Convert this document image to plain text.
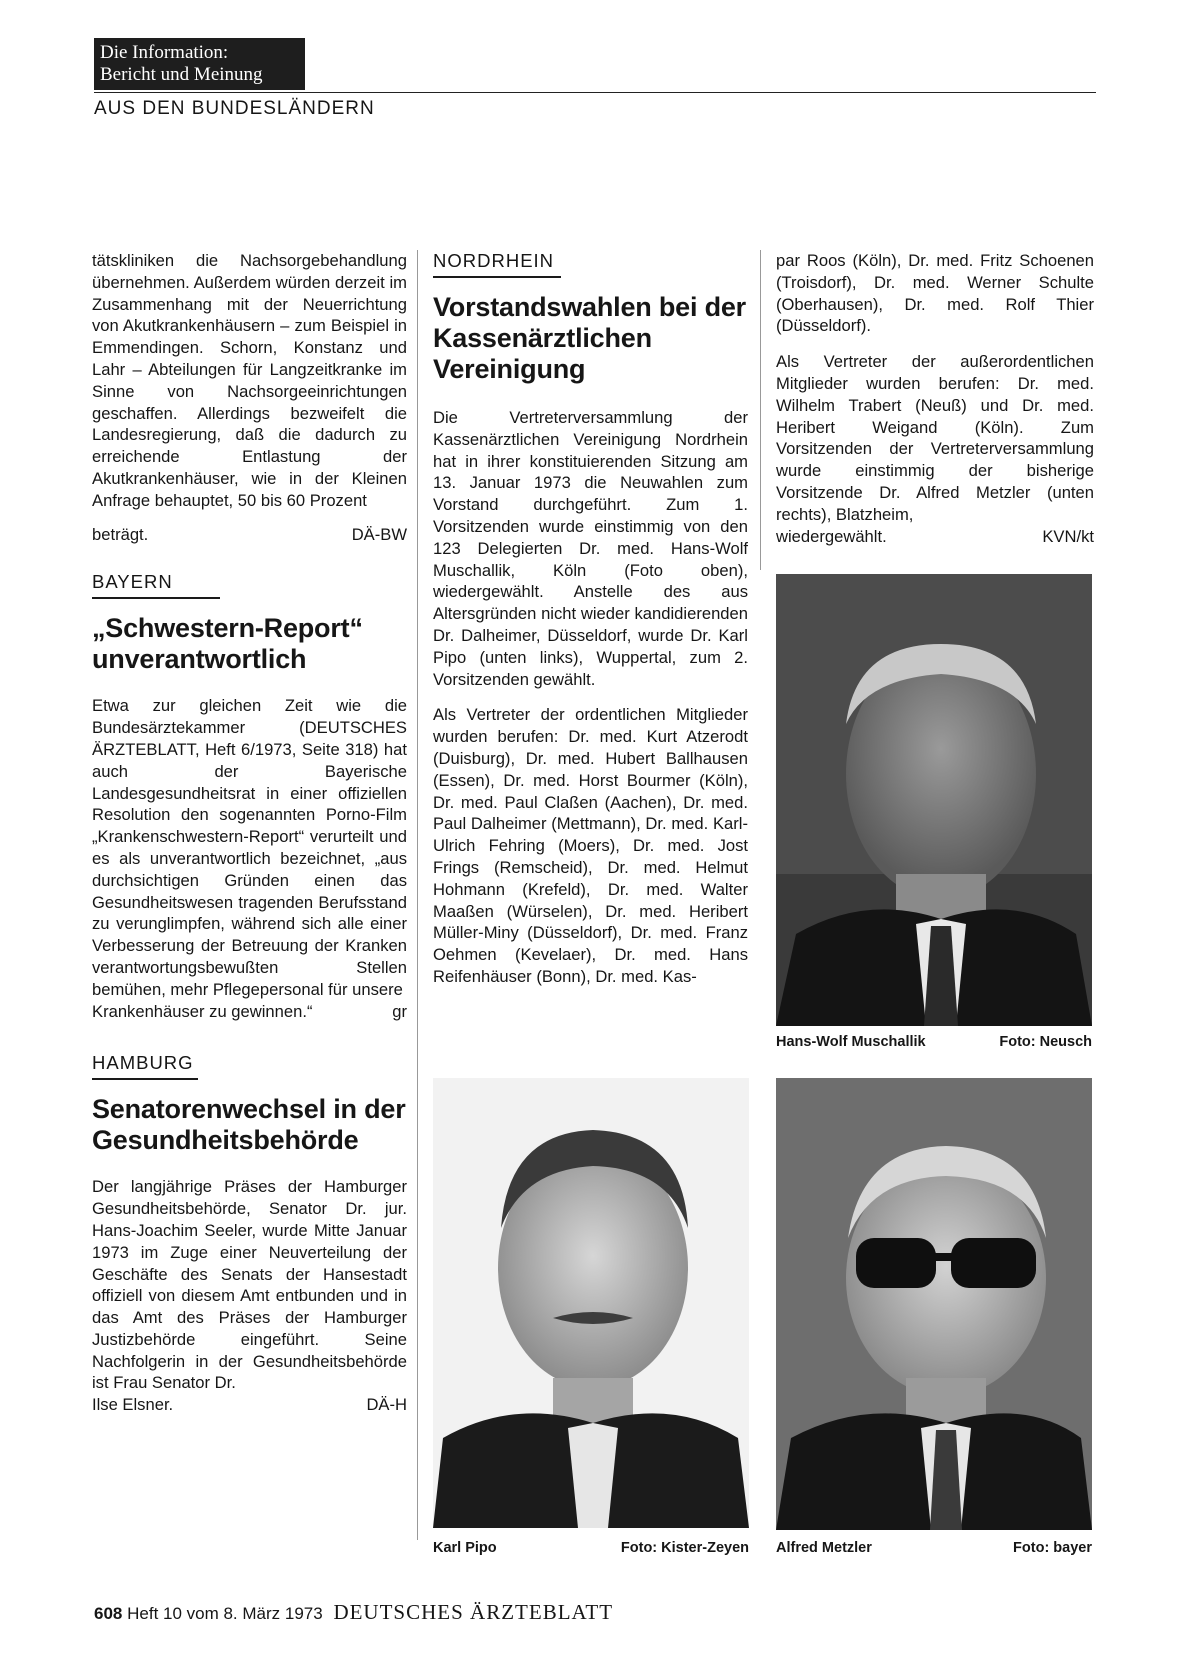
Die Information:
Bericht und Meinung
AUS DEN BUNDESLÄNDERN

tätskliniken die Nachsorgebehandlung übernehmen. Außerdem würden derzeit im Zusammenhang mit der Neuerrichtung von Akutkrankenhäusern – zum Beispiel in Emmendingen. Schorn, Konstanz und Lahr – Abteilungen für Langzeitkranke im Sinne von Nachsorgeeinrichtungen geschaffen. Allerdings bezweifelt die Landesregierung, daß die dadurch zu erreichende Entlastung der Akutkrankenhäuser, wie in der Kleinen Anfrage behauptet, 50 bis 60 Prozent

beträgt.	DÄ-BW
BAYERN
„Schwestern-Report“ unverantwortlich

Etwa zur gleichen Zeit wie die Bundesärztekammer (DEUTSCHES ÄRZTEBLATT, Heft 6/1973, Seite 318) hat auch der Bayerische Landesgesundheitsrat in einer offiziellen Resolution den sogenannten Porno-Film „Krankenschwestern-Report“ verurteilt und es als unverantwortlich bezeichnet, „aus durchsichtigen Gründen einen das Gesundheitswesen tragenden Berufsstand zu verunglimpfen, während sich alle einer Verbesserung der Betreuung der Kranken verantwortungsbewußten Stellen bemühen, mehr Pflegepersonal für unsere

Krankenhäuser zu gewinnen.“	gr
HAMBURG
Senatorenwechsel in der Gesundheitsbehörde

Der langjährige Präses der Hamburger Gesundheitsbehörde, Senator Dr. jur. Hans-Joachim Seeler, wurde Mitte Januar 1973 im Zuge einer Neuverteilung der Geschäfte des Senats der Hansestadt offiziell von diesem Amt entbunden und in das Amt des Präses der Hamburger Justizbehörde eingeführt. Seine Nachfolgerin in der Gesundheitsbehörde ist Frau Senator Dr.

Ilse Elsner.	DÄ-H
NORDRHEIN
Vorstandswahlen bei der Kassenärztlichen Vereinigung

Die Vertreterversammlung der Kassenärztlichen Vereinigung Nordrhein hat in ihrer konstituierenden Sitzung am 13. Januar 1973 die Neuwahlen zum Vorstand durchgeführt. Zum 1. Vorsitzenden wurde einstimmig von den 123 Delegierten Dr. med. Hans-Wolf Muschallik, Köln (Foto oben), wiedergewählt. Anstelle des aus Altersgründen nicht wieder kandidierenden Dr. Dalheimer, Düsseldorf, wurde Dr. Karl Pipo (unten links), Wuppertal, zum 2. Vorsitzenden gewählt.

Als Vertreter der ordentlichen Mitglieder wurden berufen: Dr. med. Kurt Atzerodt (Duisburg), Dr. med. Hubert Ballhausen (Essen), Dr. med. Horst Bourmer (Köln), Dr. med. Paul Claßen (Aachen), Dr. med. Paul Dalheimer (Mettmann), Dr. med. Karl-Ulrich Fehring (Moers), Dr. med. Jost Frings (Remscheid), Dr. med. Helmut Hohmann (Krefeld), Dr. med. Walter Maaßen (Würselen), Dr. med. Heribert Müller-Miny (Düsseldorf), Dr. med. Franz Oehmen (Kevelaer), Dr. med. Hans Reifenhäuser (Bonn), Dr. med. Kas-

par Roos (Köln), Dr. med. Fritz Schoenen (Troisdorf), Dr. med. Werner Schulte (Oberhausen), Dr. med. Rolf Thier (Düsseldorf).

Als Vertreter der außerordentlichen Mitglieder wurden berufen: Dr. med. Wilhelm Trabert (Neuß) und Dr. med. Heribert Weigand (Köln). Zum Vorsitzenden der Vertreterversammlung wurde einstimmig der bisherige Vorsitzende Dr. Alfred Metzler (unten rechts), Blatzheim,

wiedergewählt.	KVN/kt
Hans-Wolf Muschallik	Foto: Neusch
Karl Pipo	Foto: Kister-Zeyen Alfred Metzler	Foto: bayer
608 Heft 10 vom 8. März 1973 DEUTSCHES ÄRZTEBLATT
